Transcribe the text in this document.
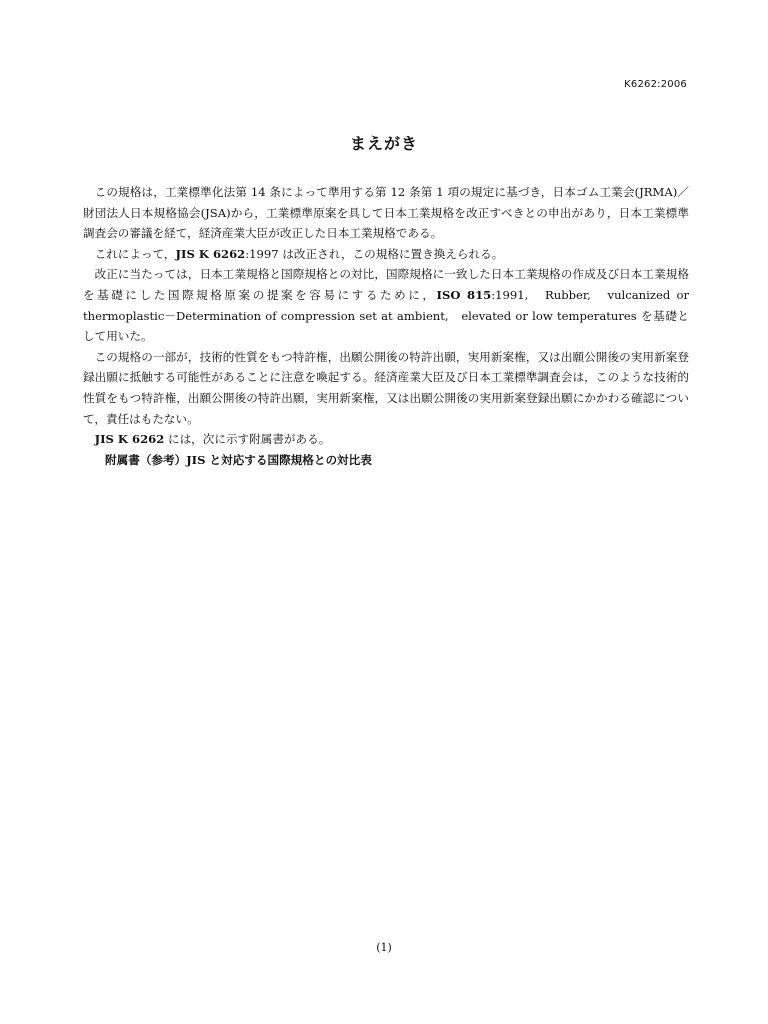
K6262:2006
まえがき

この規格は，工業標準化法第 14 条によって準用する第 12 条第 1 項の規定に基づき，日本ゴム工業会(JRMA)／財団法人日本規格協会(JSA)から，工業標準原案を具して日本工業規格を改正すべきとの申出があり，日本工業標準調査会の審議を経て，経済産業大臣が改正した日本工業規格である。

これによって，JIS K 6262:1997 は改正され，この規格に置き換えられる。

改正に当たっては，日本工業規格と国際規格との対比，国際規格に一致した日本工業規格の作成及び日本工業規格を基礎にした国際規格原案の提案を容易にするために，ISO 815:1991,　Rubber,　vulcanized or thermoplastic－Determination of compression set at ambient,　elevated or low temperatures を基礎として用いた。

この規格の一部が，技術的性質をもつ特許権，出願公開後の特許出願，実用新案権，又は出願公開後の実用新案登録出願に抵触する可能性があることに注意を喚起する。経済産業大臣及び日本工業標準調査会は，このような技術的性質をもつ特許権，出願公開後の特許出願，実用新案権，又は出願公開後の実用新案登録出願にかかわる確認について，責任はもたない。

JIS K 6262 には，次に示す附属書がある。

附属書（参考）JIS と対応する国際規格との対比表

(1)
